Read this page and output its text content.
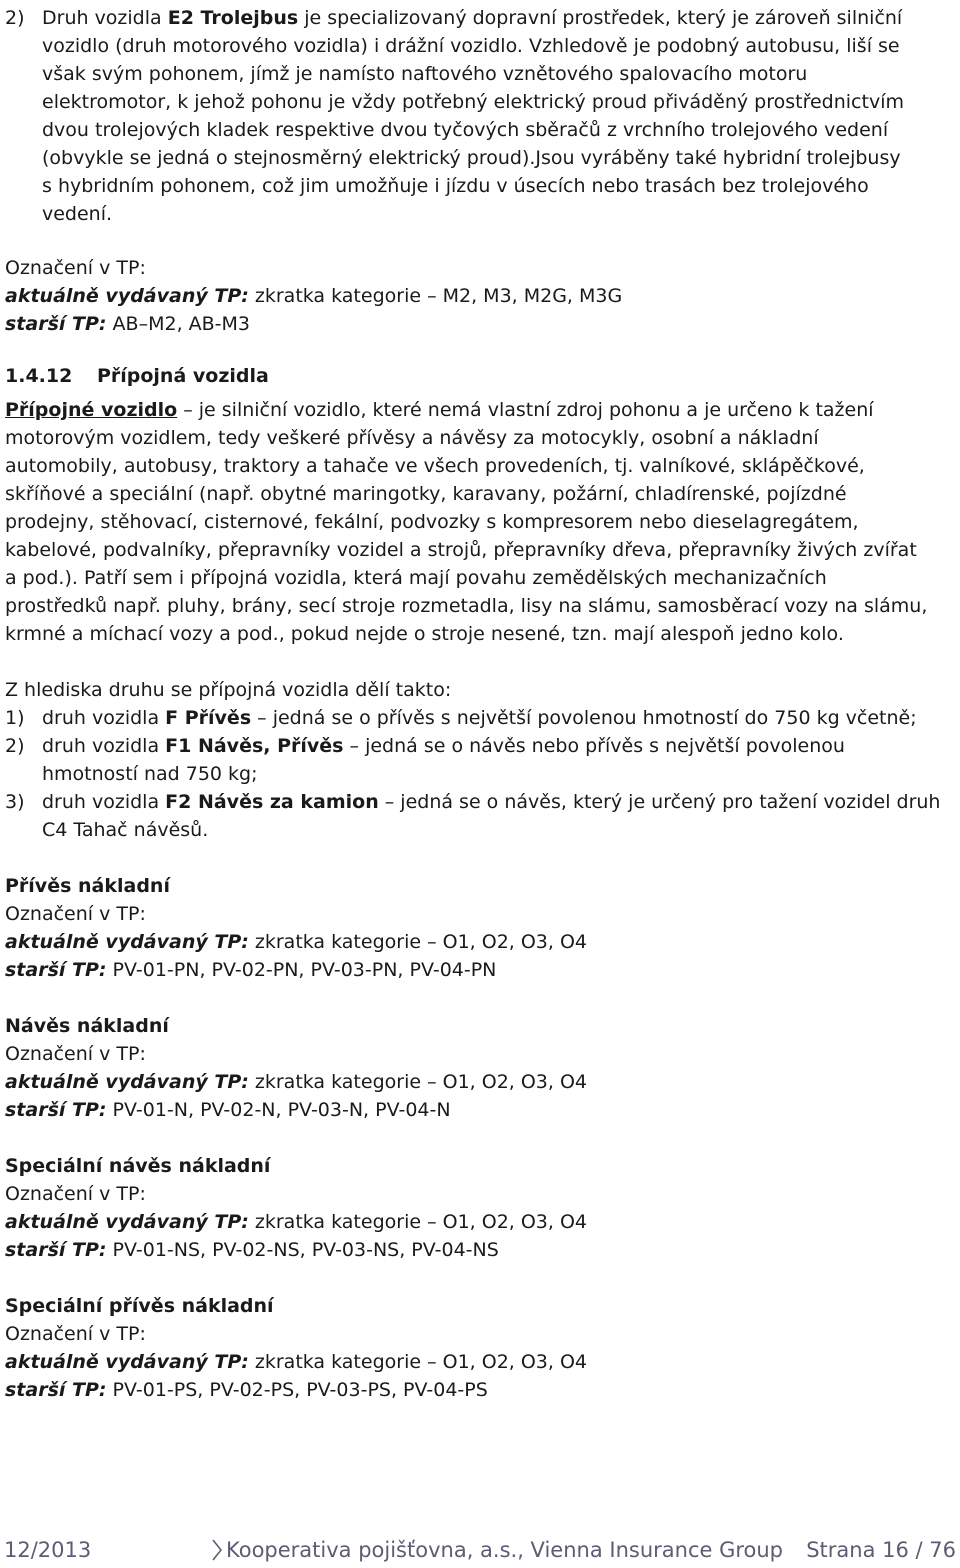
2) Druh vozidla E2 Trolejbus je specializovaný dopravní prostředek, který je zároveň silniční
vozidlo (druh motorového vozidla) i drážní vozidlo. Vzhledově je podobný autobusu, liší se
však svým pohonem, jímž je namísto naftového vznětového spalovacího motoru
elektromotor, k jehož pohonu je vždy potřebný elektrický proud přiváděný prostřednictvím
dvou trolejových kladek respektive dvou tyčových sběračů z vrchního trolejového vedení
(obvykle se jedná o stejnosměrný elektrický proud).Jsou vyráběny také hybridní trolejbusy
s hybridním pohonem, což jim umožňuje i jízdu v úsecích nebo trasách bez trolejového
vedení.
Označení v TP:
aktuálně vydávaný TP: zkratka kategorie – M2, M3, M2G, M3G
starší TP: AB–M2, AB-M3
1.4.12 Přípojná vozidla
Přípojné vozidlo – je silniční vozidlo, které nemá vlastní zdroj pohonu a je určeno k tažení
motorovým vozidlem, tedy veškeré přívěsy a návěsy za motocykly, osobní a nákladní
automobily, autobusy, traktory a tahače ve všech provedeních, tj. valníkové, sklápěčkové,
skříňové a speciální (např. obytné maringotky, karavany, požární, chladírenské, pojízdné
prodejny, stěhovací, cisternové, fekální, podvozky s kompresorem nebo dieselagregátem,
kabelové, podvalníky, přepravníky vozidel a strojů, přepravníky dřeva, přepravníky živých zvířat
a pod.). Patří sem i přípojná vozidla, která mají povahu zemědělských mechanizačních
prostředků např. pluhy, brány, secí stroje rozmetadla, lisy na slámu, samosběrací vozy na slámu,
krmné a míchací vozy a pod., pokud nejde o stroje nesené, tzn. mají alespoň jedno kolo.
Z hlediska druhu se přípojná vozidla dělí takto:
1) druh vozidla F Přívěs – jedná se o přívěs s největší povolenou hmotností do 750 kg včetně;
2) druh vozidla F1 Návěs, Přívěs – jedná se o návěs nebo přívěs s největší povolenou
hmotností nad 750 kg;
3) druh vozidla F2 Návěs za kamion – jedná se o návěs, který je určený pro tažení vozidel druh
C4 Tahač návěsů.
Přívěs nákladní
Označení v TP:
aktuálně vydávaný TP: zkratka kategorie – O1, O2, O3, O4
starší TP: PV-01-PN, PV-02-PN, PV-03-PN, PV-04-PN
Návěs nákladní
Označení v TP:
aktuálně vydávaný TP: zkratka kategorie – O1, O2, O3, O4
starší TP: PV-01-N, PV-02-N, PV-03-N, PV-04-N
Speciální návěs nákladní
Označení v TP:
aktuálně vydávaný TP: zkratka kategorie – O1, O2, O3, O4
starší TP: PV-01-NS, PV-02-NS, PV-03-NS, PV-04-NS
Speciální přívěs nákladní
Označení v TP:
aktuálně vydávaný TP: zkratka kategorie – O1, O2, O3, O4
starší TP: PV-01-PS, PV-02-PS, PV-03-PS, PV-04-PS
12/2013	Kooperativa pojišťovna, a.s., Vienna Insurance Group Strana 16 / 76
